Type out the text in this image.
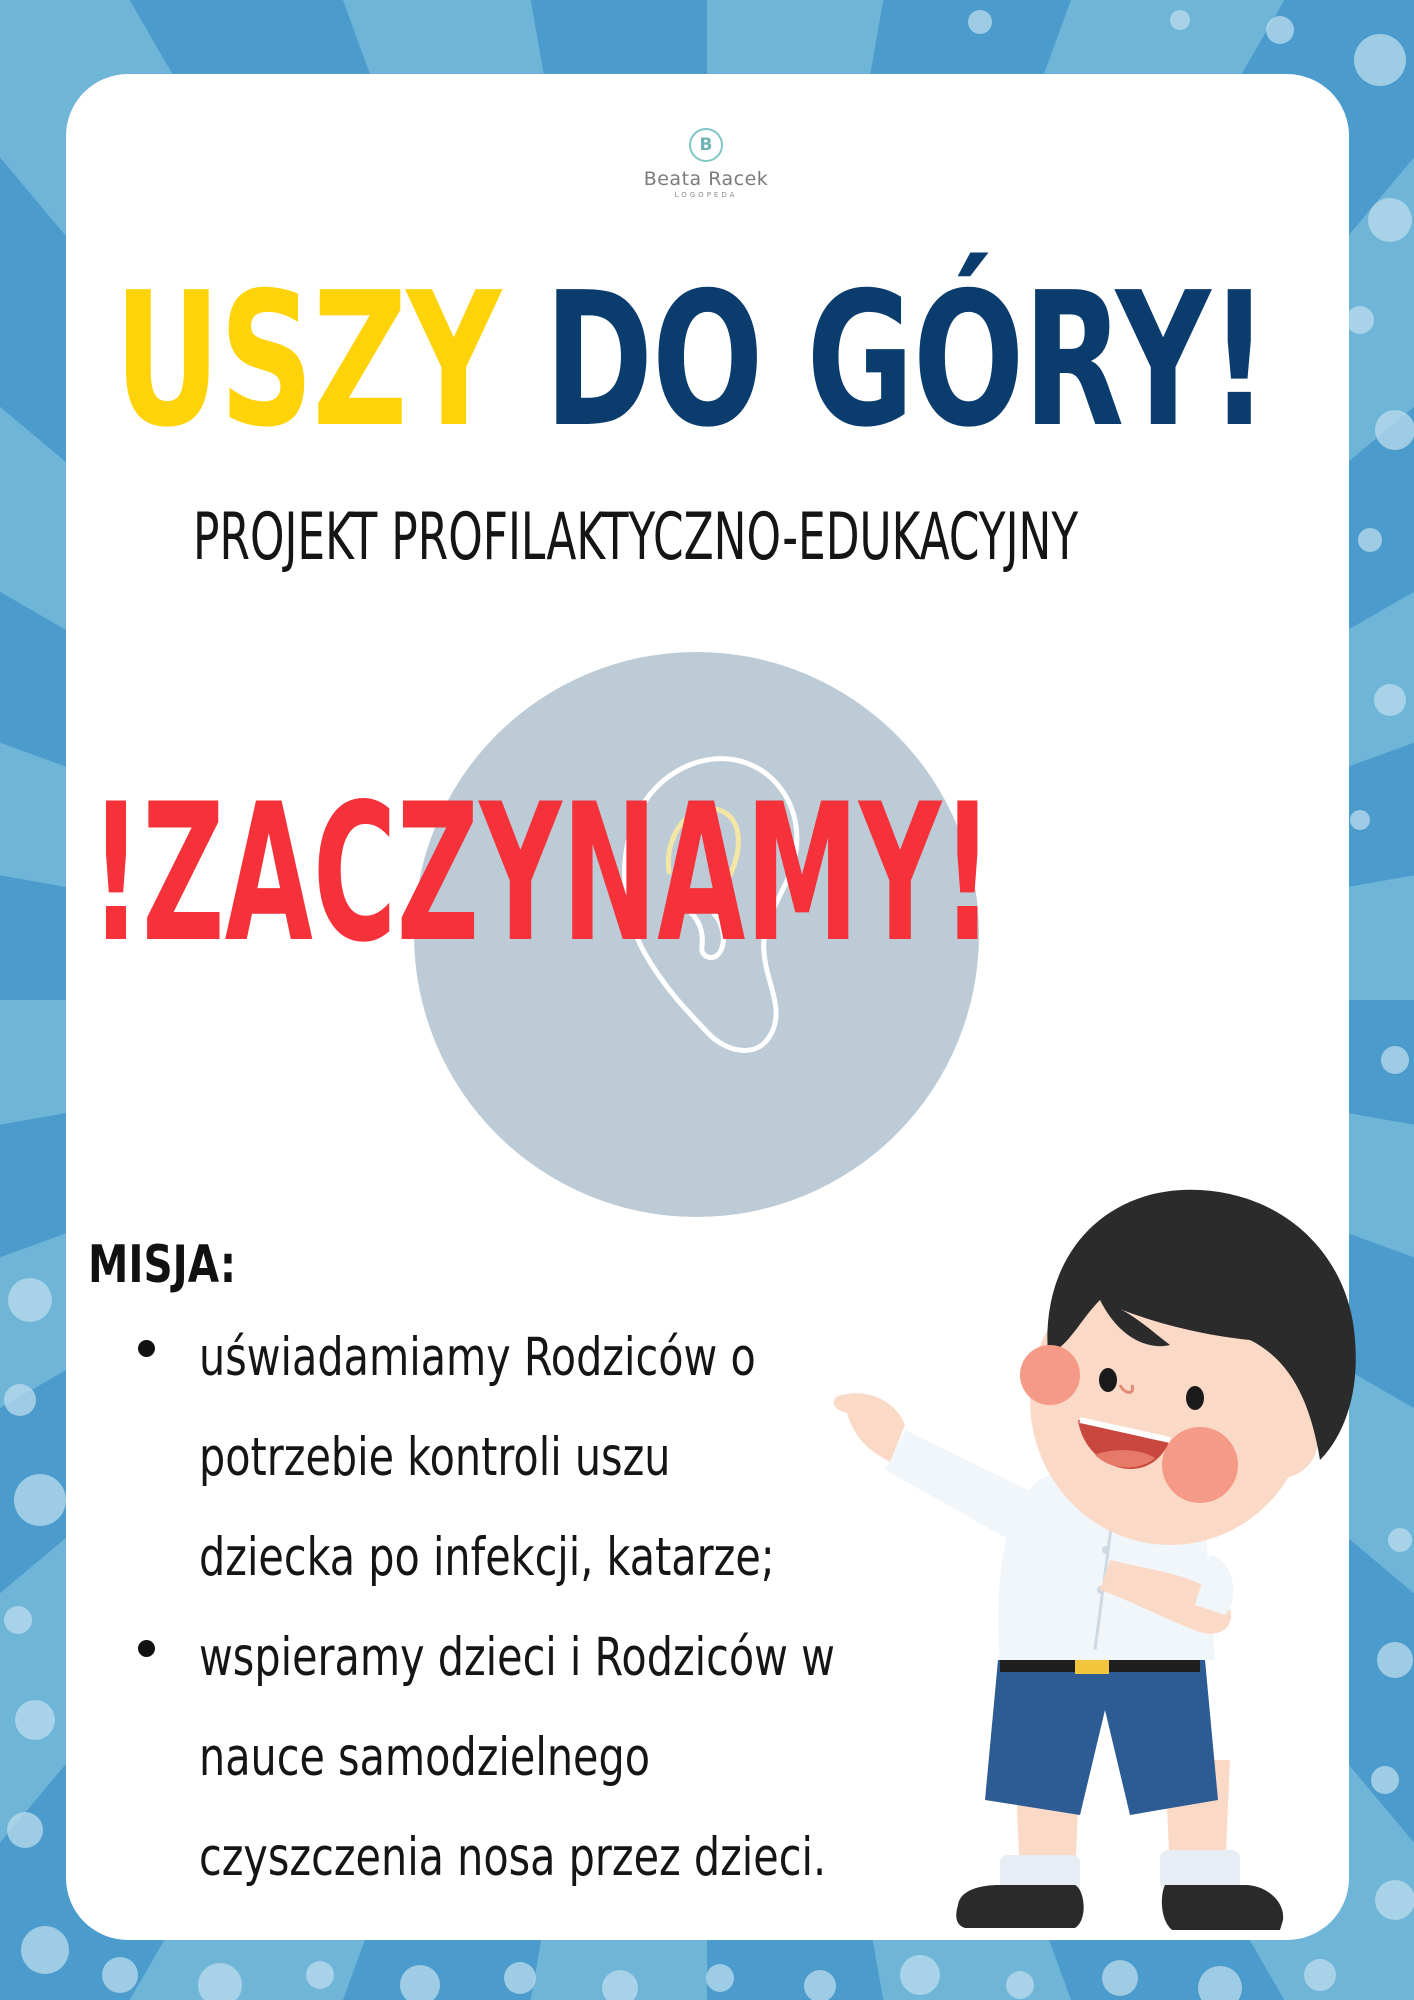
B
Beata Racek
LOGOPEDA
USZY DO GÓRY!
PROJEKT PROFILAKTYCZNO-EDUKACYJNY
!ZACZYNAMY!
MISJA:
uświadamiamy Rodziców o
potrzebie kontroli uszu
dziecka po infekcji, katarze;
wspieramy dzieci i Rodziców w
nauce samodzielnego
czyszczenia nosa przez dzieci.
